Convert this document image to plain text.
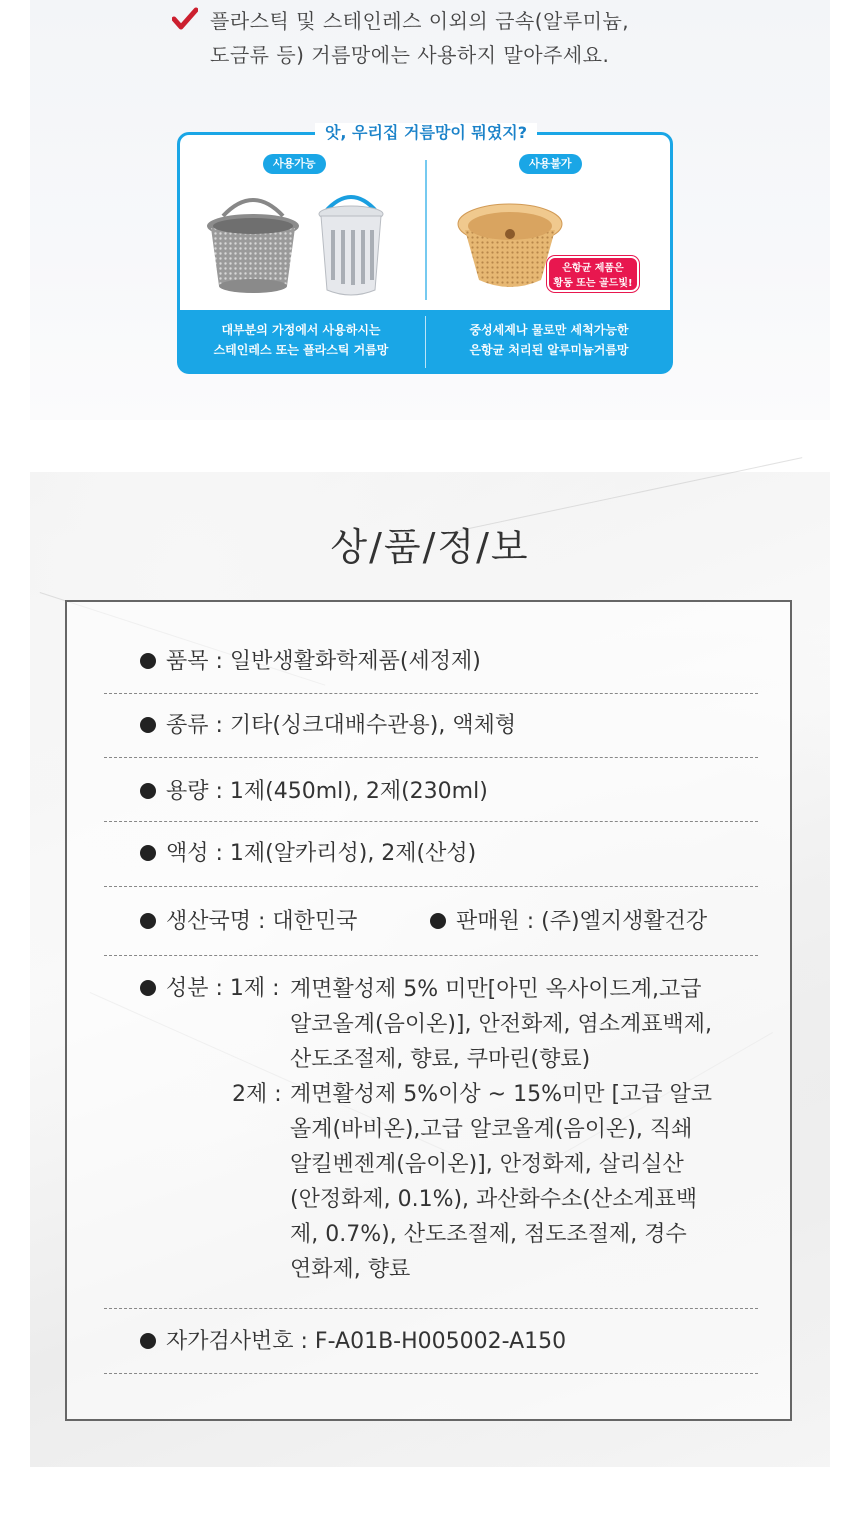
플라스틱 및 스테인레스 이외의 금속(알루미늄,
도금류 등) 거름망에는 사용하지 말아주세요.
앗, 우리집 거름망이 뭐였지?
사용가능	사용불가
은항균 제품은
황동 또는 골드빛!
대부분의 가정에서 사용하시는
스테인레스 또는 플라스틱 거름망
중성세제나 물로만 세척가능한
은항균 처리된 알루미늄거름망
상/품/정/보
품목 : 일반생활화학제품(세정제)
종류 : 기타(싱크대배수관용), 액체형
용량 : 1제(450ml), 2제(230ml)
액성 : 1제(알카리성), 2제(산성)
생산국명 : 대한민국	판매원 : (주)엘지생활건강
성분 : 1제 : 계면활성제 5% 미만[아민 옥사이드계,고급
알코올계(음이온)], 안전화제, 염소계표백제,
산도조절제, 향료, 쿠마린(향료)
2제 : 계면활성제 5%이상 ~ 15%미만 [고급 알코
올계(바비온),고급 알코올계(음이온), 직쇄
알킬벤젠계(음이온)], 안정화제, 살리실산
(안정화제, 0.1%), 과산화수소(산소계표백
제, 0.7%), 산도조절제, 점도조절제, 경수
연화제, 향료
자가검사번호 : F-A01B-H005002-A150
